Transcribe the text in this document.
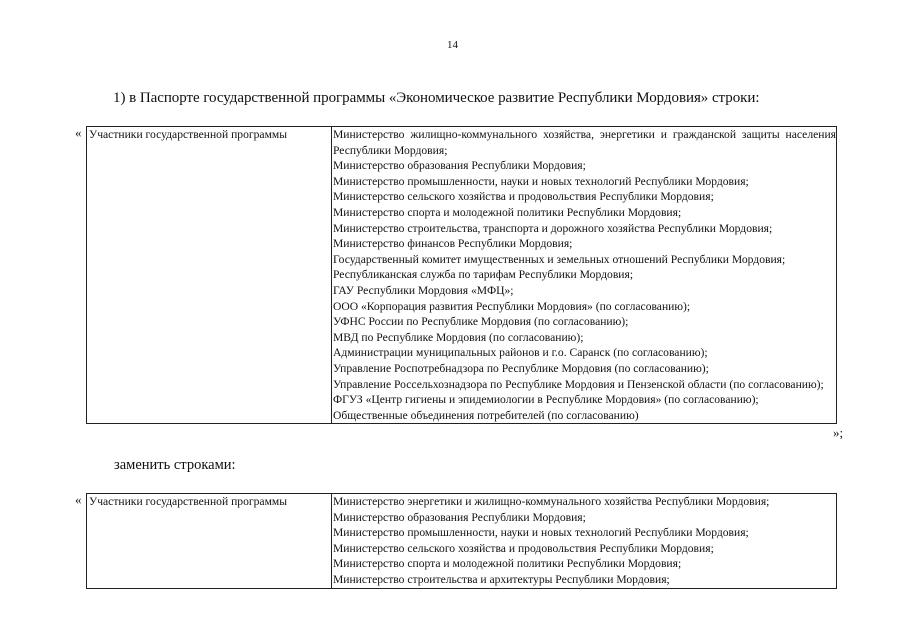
14
1) в Паспорте государственной программы «Экономическое развитие Республики Мордовия» строки:
« Участники государственной программы	Министерство жилищно-коммунального хозяйства, энергетики и гражданской защиты населения Республики Мордовия;
Министерство образования Республики Мордовия;
Министерство промышленности, науки и новых технологий Республики Мордовия;
Министерство сельского хозяйства и продовольствия Республики Мордовия;
Министерство спорта и молодежной политики Республики Мордовия;
Министерство строительства, транспорта и дорожного хозяйства Республики Мордовия;
Министерство финансов Республики Мордовия;
Государственный комитет имущественных и земельных отношений Республики Мордовия;
Республиканская служба по тарифам Республики Мордовия;
ГАУ Республики Мордовия «МФЦ»;
ООО «Корпорация развития Республики Мордовия» (по согласованию);
УФНС России по Республике Мордовия (по согласованию);
МВД по Республике Мордовия (по согласованию);
Администрации муниципальных районов и г.о. Саранск (по согласованию);
Управление Роспотребнадзора по Республике Мордовия (по согласованию);
Управление Россельхознадзора по Республике Мордовия и Пензенской области (по согласованию);
ФГУЗ «Центр гигиены и эпидемиологии в Республике Мордовия» (по согласованию);
Общественные объединения потребителей (по согласованию)
»;
заменить строками:
« Участники государственной программы	Министерство энергетики и жилищно-коммунального хозяйства Республики Мордовия;
Министерство образования Республики Мордовия;
Министерство промышленности, науки и новых технологий Республики Мордовия;
Министерство сельского хозяйства и продовольствия Республики Мордовия;
Министерство спорта и молодежной политики Республики Мордовия;
Министерство строительства и архитектуры Республики Мордовия;
